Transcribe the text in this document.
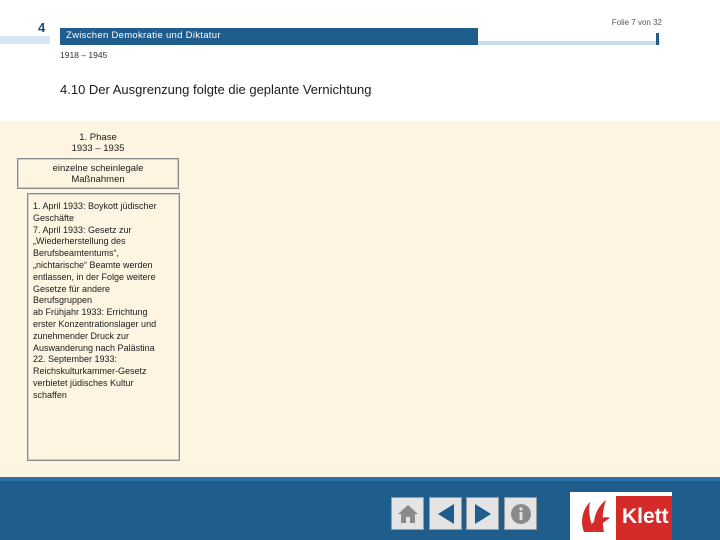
4
Zwischen Demokratie und Diktatur
Folie 7 von 32
1918 – 1945
4.10 Der Ausgrenzung folgte die geplante Vernichtung
1. Phase
1933 – 1935
einzelne scheinlegale
Maßnahmen
1. April 1933: Boykott jüdischer
Geschäfte
7. April 1933: Gesetz zur
„Wiederherstellung des
Berufsbeamtentums“,
„nichtarische“ Beamte werden
entlassen, in der Folge weitere
Gesetze für andere
Berufsgruppen
ab Frühjahr 1933: Errichtung
erster Konzentrationslager und
zunehmender Druck zur
Auswanderung nach Palästina
22. September 1933:
Reichskulturkammer-Gesetz
verbietet jüdisches Kultur
schaffen
Klett
